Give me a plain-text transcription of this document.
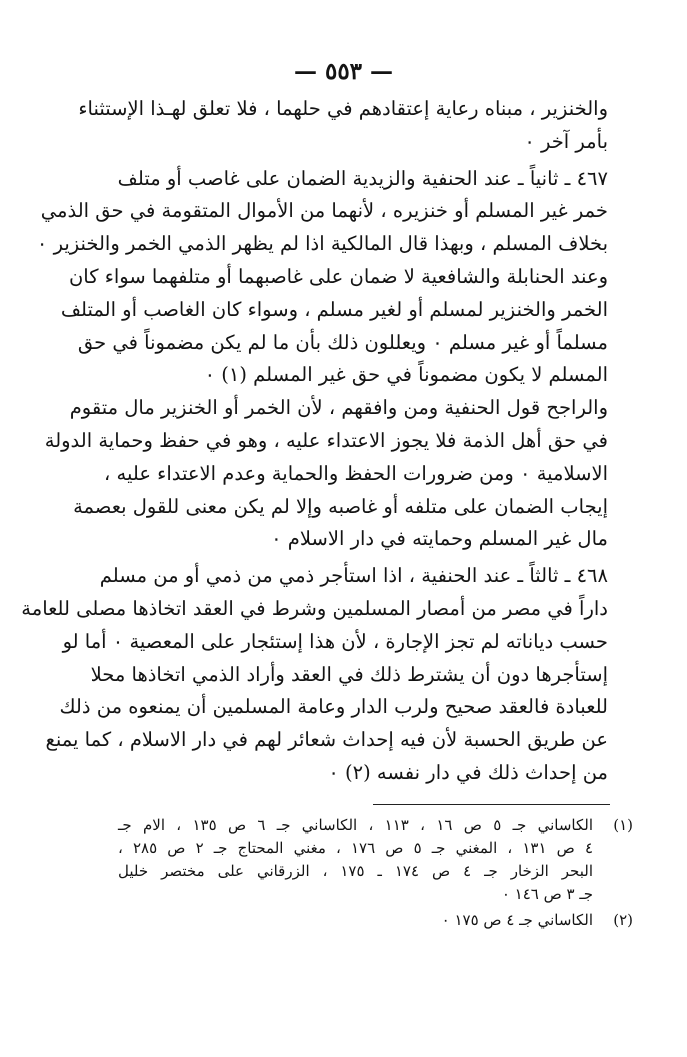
— ٥٥٣ —
والخنزير ، مبناه رعاية إعتقادهم في حلهما ، فلا تعلق لهـذا الإستثناء
بأمر آخر ٠
٤٦٧ ـ ثانياً ـ عند الحنفية والزيدية الضمان على غاصب أو متلف
خمر غير المسلم أو خنزيره ، لأنهما من الأموال المتقومة في حق الذمي
بخلاف المسلم ، وبهذا قال المالكية اذا لم يظهر الذمي الخمر والخنزير ٠
وعند الحنابلة والشافعية لا ضمان على غاصبهما أو متلفهما سواء كان
الخمر والخنزير لمسلم أو لغير مسلم ، وسواء كان الغاصب أو المتلف
مسلماً أو غير مسلم ٠ ويعللون ذلك بأن ما لم يكن مضموناً في حق
المسلم لا يكون مضموناً في حق غير المسلم (١) ٠
والراجح قول الحنفية ومن وافقهم ، لأن الخمر أو الخنزير مال متقوم
في حق أهل الذمة فلا يجوز الاعتداء عليه ، وهو في حفظ وحماية الدولة
الاسلامية ٠ ومن ضرورات الحفظ والحماية وعدم الاعتداء عليه ،
إيجاب الضمان على متلفه أو غاصبه وإلا لم يكن معنى للقول بعصمة
مال غير المسلم وحمايته في دار الاسلام ٠
٤٦٨ ـ ثالثاً ـ عند الحنفية ، اذا استأجر ذمي من ذمي أو من مسلم
داراً في مصر من أمصار المسلمين وشرط في العقد اتخاذها مصلى للعامة
حسب دياناته لم تجز الإجارة ، لأن هذا إستئجار على المعصية ٠ أما لو
إستأجرها دون أن يشترط ذلك في العقد وأراد الذمي اتخاذها محلا
للعبادة فالعقد صحيح ولرب الدار وعامة المسلمين أن يمنعوه من ذلك
عن طريق الحسبة لأن فيه إحداث شعائر لهم في دار الاسلام ، كما يمنع
من إحداث ذلك في دار نفسه (٢) ٠
(١)
الكاساني جـ ٥ ص ١٦ ، ١١٣ ، الكاساني جـ ٦ ص ١٣٥ ، الام جـ
٤ ص ١٣١ ، المغني جـ ٥ ص ١٧٦ ، مغني المحتاج جـ ٢ ص ٢٨٥ ،
البحر الزخار جـ ٤ ص ١٧٤ ـ ١٧٥ ، الزرقاني على مختصر خليل
جـ ٣ ص ١٤٦ ٠
(٢)
الكاساني جـ ٤ ص ١٧٥ ٠
